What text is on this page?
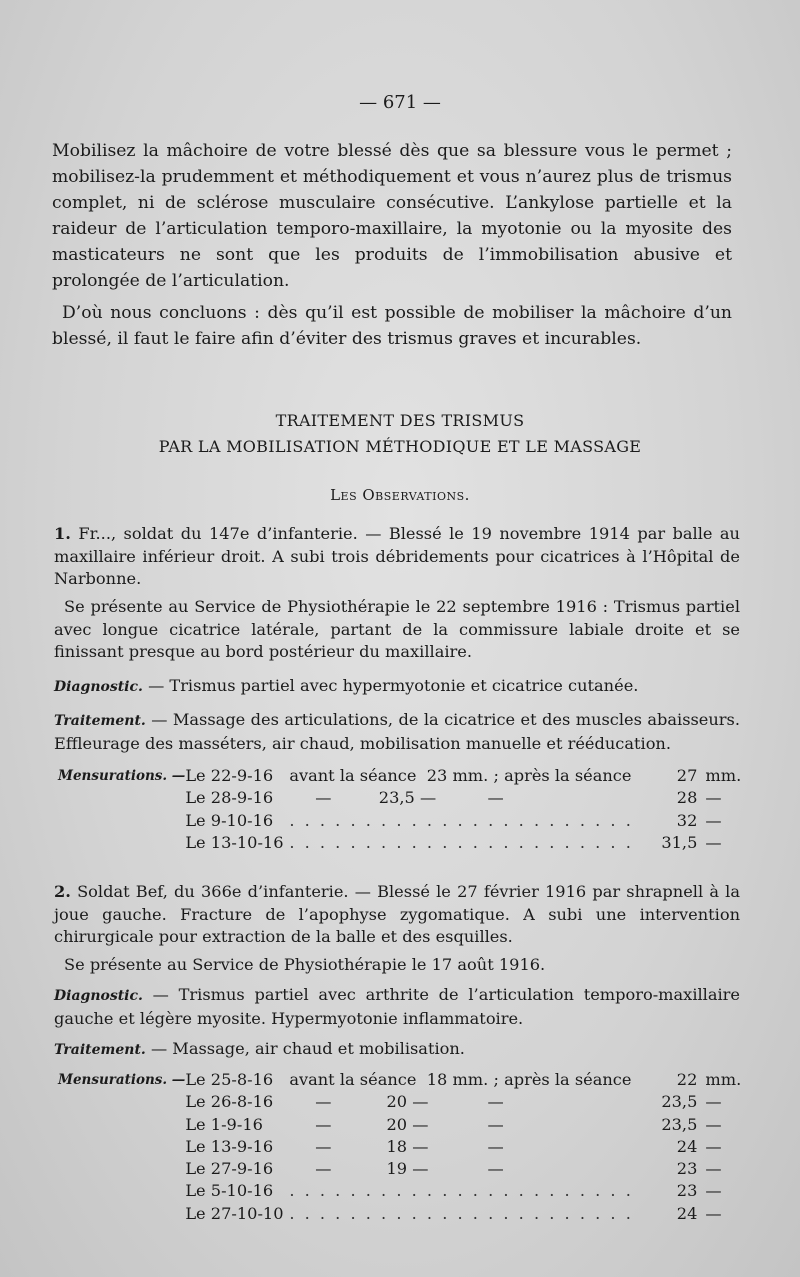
— 671 —

Mobilisez la mâchoire de votre blessé dès que sa blessure vous le permet ; mobilisez-la prudemment et méthodiquement et vous n’aurez plus de trismus complet, ni de sclérose musculaire consécutive. L’ankylose partielle et la raideur de l’articulation temporo-maxillaire, la myotonie ou la myosite des masticateurs ne sont que les produits de l’immobilisation abusive et prolongée de l’articulation.

D’où nous concluons : dès qu’il est possible de mobiliser la mâchoire d’un blessé, il faut le faire afin d’éviter des trismus graves et incurables.

TRAITEMENT DES TRISMUS

PAR LA MOBILISATION MÉTHODIQUE ET LE MASSAGE

Les Observations.

1. Fr..., soldat du 147e d’infanterie. — Blessé le 19 novembre 1914 par balle au maxillaire inférieur droit. A subi trois débridements pour cicatrices à l’Hôpital de Narbonne.

Se présente au Service de Physiothérapie le 22 septembre 1916 : Trismus partiel avec longue cicatrice latérale, partant de la commissure labiale droite et se finissant presque au bord postérieur du maxillaire.

Diagnostic. — Trismus partiel avec hypermyotonie et cicatrice cutanée.

Traitement. — Massage des articulations, de la cicatrice et des muscles abaisseurs. Effleurage des masséters, air chaud, mobilisation manuelle et rééducation.

Mensurations. —	Le 22-9-16	avant la séance 23 mm. ; après la séance	27	mm.
	Le 28-9-16	— 23,5 — —	28	—
	Le 9-10-16	. . . . . . . . . . . . . . . . . . . . . . .	32	—
	Le 13-10-16	. . . . . . . . . . . . . . . . . . . . . . .	31,5	—

2. Soldat Bef, du 366e d’infanterie. — Blessé le 27 février 1916 par shrapnell à la joue gauche. Fracture de l’apophyse zygomatique. A subi une intervention chirurgicale pour extraction de la balle et des esquilles.

Se présente au Service de Physiothérapie le 17 août 1916.

Diagnostic. — Trismus partiel avec arthrite de l’articulation temporo-maxillaire gauche et légère myosite. Hypermyotonie inflammatoire.

Traitement. — Massage, air chaud et mobilisation.

Mensurations. —	Le 25-8-16	avant la séance 18 mm. ; après la séance	22	mm.
	Le 26-8-16	— 20 — —	23,5	—
	Le 1-9-16	— 20 — —	23,5	—
	Le 13-9-16	— 18 — —	24	—
	Le 27-9-16	— 19 — —	23	—
	Le 5-10-16	. . . . . . . . . . . . . . . . . . . . . . .	23	—
	Le 27-10-10	. . . . . . . . . . . . . . . . . . . . . . .	24	—
